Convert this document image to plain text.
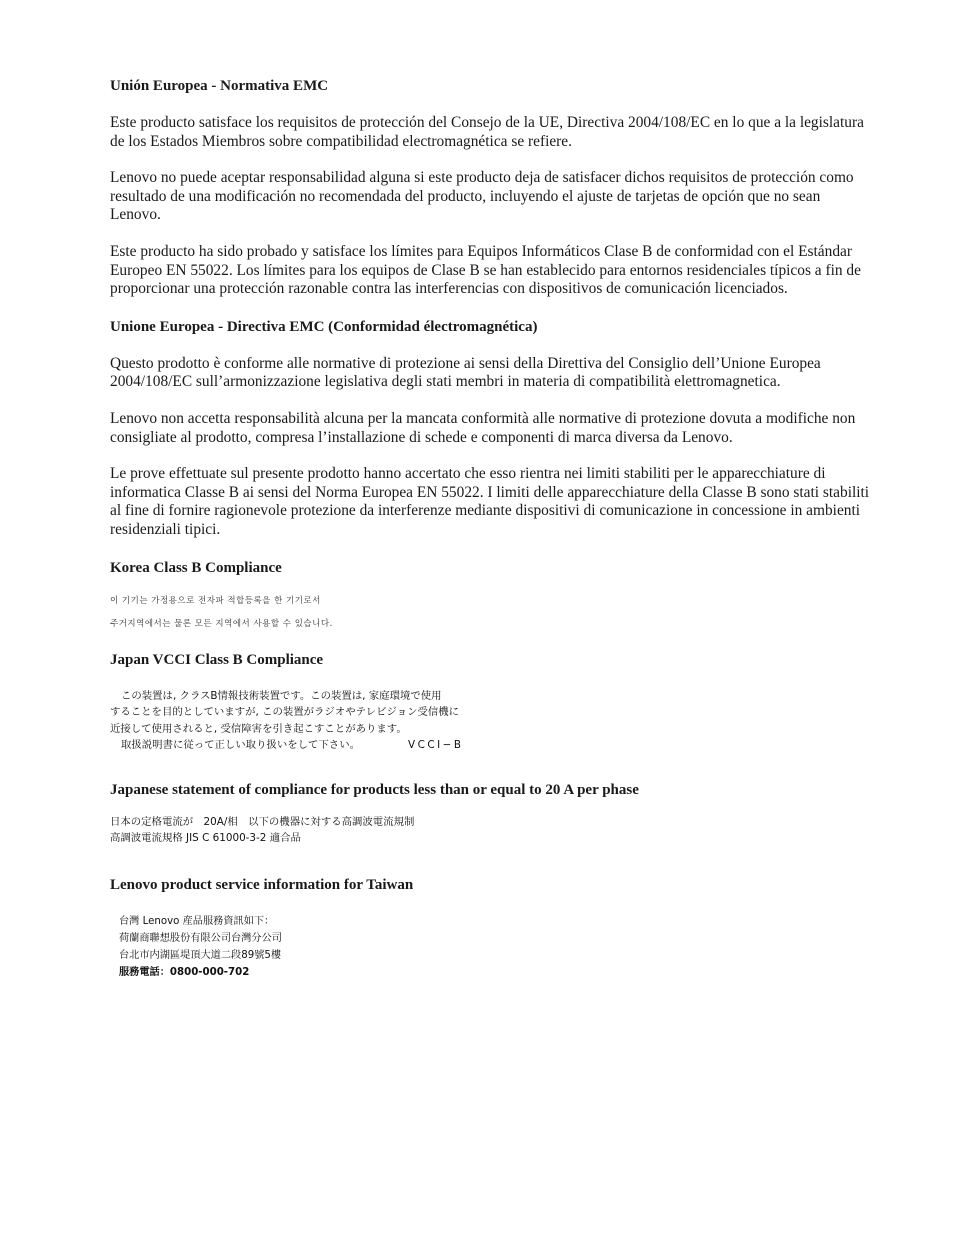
Unión Europea - Normativa EMC

Este producto satisface los requisitos de protección del Consejo de la UE, Directiva 2004/108/EC en lo que a la legislatura de los Estados Miembros sobre compatibilidad electromagnética se refiere.

Lenovo no puede aceptar responsabilidad alguna si este producto deja de satisfacer dichos requisitos de protección como resultado de una modificación no recomendada del producto, incluyendo el ajuste de tarjetas de opción que no sean Lenovo.

Este producto ha sido probado y satisface los límites para Equipos Informáticos Clase B de conformidad con el Estándar Europeo EN 55022. Los límites para los equipos de Clase B se han establecido para entornos residenciales típicos a fin de proporcionar una protección razonable contra las interferencias con dispositivos de comunicación licenciados.

Unione Europea - Directiva EMC (Conformidad électromagnética)

Questo prodotto è conforme alle normative di protezione ai sensi della Direttiva del Consiglio dell’Unione Europea 2004/108/EC sull’armonizzazione legislativa degli stati membri in materia di compatibilità elettromagnetica.

Lenovo non accetta responsabilità alcuna per la mancata conformità alle normative di protezione dovuta a modifiche non consigliate al prodotto, compresa l’installazione di schede e componenti di marca diversa da Lenovo.

Le prove effettuate sul presente prodotto hanno accertato che esso rientra nei limiti stabiliti per le apparecchiature di informatica Classe B ai sensi del Norma Europea EN 55022. I limiti delle apparecchiature della Classe B sono stati stabiliti al fine di fornire ragionevole protezione da interferenze mediante dispositivi di comunicazione in concessione in ambienti residenziali tipici.

Korea Class B Compliance
이 기기는 가정용으로 전자파 적합등록을 한 기기로서
주거지역에서는 물론 모든 지역에서 사용할 수 있습니다.
Japan VCCI Class B Compliance
この装置は, クラスB情報技術装置です。この装置は, 家庭環境で使用
することを目的としていますが, この装置がラジオやテレビジョン受信機に
近接して使用されると, 受信障害を引き起こすことがあります。
取扱説明書に従って正しい取り扱いをして下さい。	VCCI−B
Japanese statement of compliance for products less than or equal to 20 A per phase
日本の定格電流が　20A/相　以下の機器に対する高調波電流規制
高調波電流規格 JIS C 61000-3-2 適合品
Lenovo product service information for Taiwan
台灣 Lenovo 産品服務資訊如下：
荷蘭商聯想股份有限公司台灣分公司
台北市内湖區堤頂大道二段89號5樓
服務電話：0800-000-702
